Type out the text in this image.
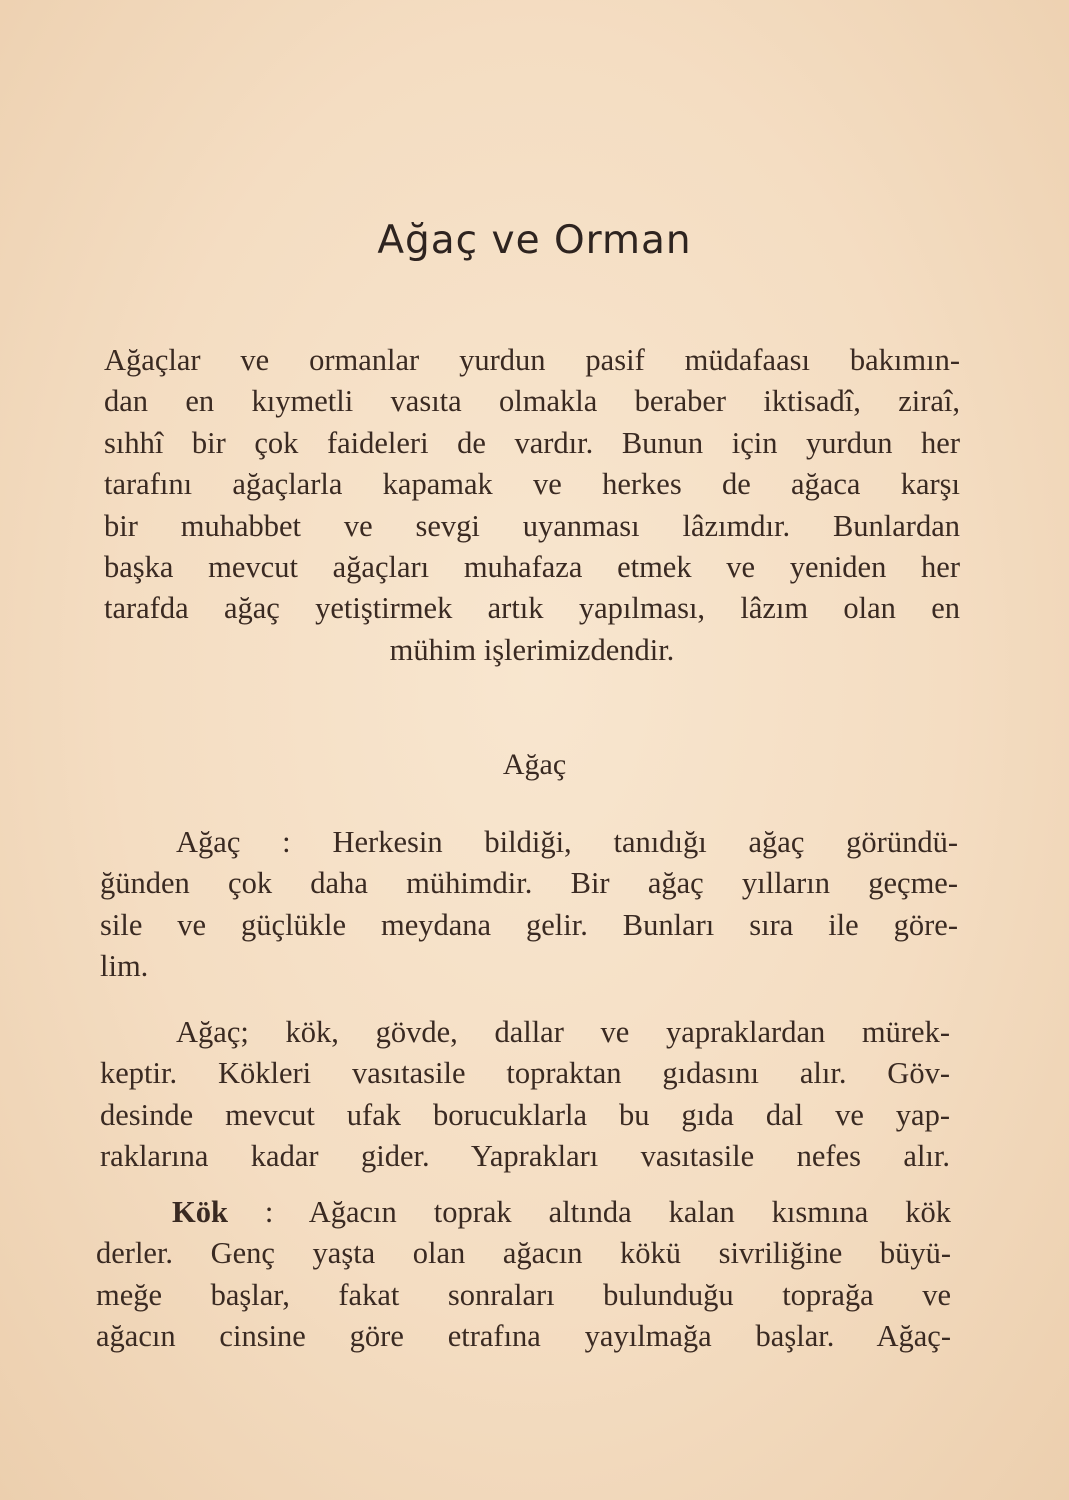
Ağaç ve Orman
Ağaçlar ve ormanlar yurdun pasif müdafaası bakımın-
dan en kıymetli vasıta olmakla beraber iktisadî, ziraî,
sıhhî bir çok faideleri de vardır. Bunun için yurdun her
tarafını ağaçlarla kapamak ve herkes de ağaca karşı
bir muhabbet ve sevgi uyanması lâzımdır. Bunlardan
başka mevcut ağaçları muhafaza etmek ve yeniden her
tarafda ağaç yetiştirmek artık yapılması, lâzım olan en
mühim işlerimizdendir.
Ağaç
Ağaç : Herkesin bildiği, tanıdığı ağaç göründü-
ğünden çok daha mühimdir. Bir ağaç yılların geçme-
sile ve güçlükle meydana gelir. Bunları sıra ile göre-
lim.
Ağaç; kök, gövde, dallar ve yapraklardan mürek-
keptir. Kökleri vasıtasile topraktan gıdasını alır. Göv-
desinde mevcut ufak borucuklarla bu gıda dal ve yap-
raklarına kadar gider. Yaprakları vasıtasile nefes alır.
Kök : Ağacın toprak altında kalan kısmına kök
derler. Genç yaşta olan ağacın kökü sivriliğine büyü-
meğe başlar, fakat sonraları bulunduğu toprağa ve
ağacın cinsine göre etrafına yayılmağa başlar. Ağaç-
